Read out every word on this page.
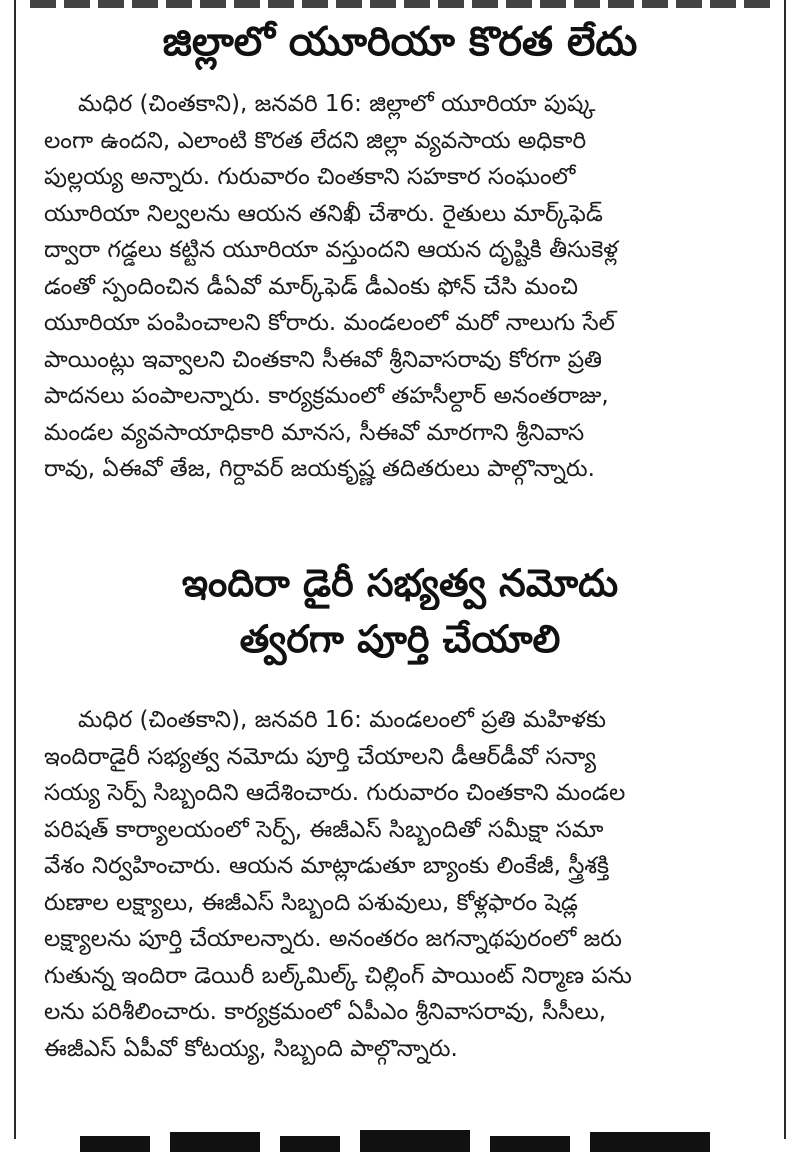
జిల్లాలో యూరియా కొరత లేదు
మధిర (చింతకాని), జనవరి 16: జిల్లాలో యూరియా పుష్క
లంగా ఉందని, ఎలాంటి కొరత లేదని జిల్లా వ్యవసాయ అధికారి
పుల్లయ్య అన్నారు. గురువారం చింతకాని సహకార సంఘంలో
యూరియా నిల్వలను ఆయన తనిఖీ చేశారు. రైతులు మార్క్‌ఫెడ్
ద్వారా గడ్డలు కట్టిన యూరియా వస్తుందని ఆయన దృష్టికి తీసుకెళ్ల
డంతో స్పందించిన డీఏవో మార్క్‌ఫెడ్ డీఎంకు ఫోన్ చేసి మంచి
యూరియా పంపించాలని కోరారు. మండలంలో మరో నాలుగు సేల్
పాయింట్లు ఇవ్వాలని చింతకాని సీఈవో శ్రీనివాసరావు కోరగా ప్రతి
పాదనలు పంపాలన్నారు. కార్యక్రమంలో తహసీల్దార్ అనంతరాజు,
మండల వ్యవసాయాధికారి మానస, సీఈవో మారగాని శ్రీనివాస
రావు, ఏఈవో తేజ, గిర్దావర్ జయకృష్ణ తదితరులు పాల్గొన్నారు.
ఇందిరా డైరీ సభ్యత్వ నమోదు
త్వరగా పూర్తి చేయాలి
మధిర (చింతకాని), జనవరి 16: మండలంలో ప్రతి మహిళకు
ఇందిరాడైరీ సభ్యత్వ నమోదు పూర్తి చేయాలని డీఆర్‌డీవో సన్యా
సయ్య సెర్ప్ సిబ్బందిని ఆదేశించారు. గురువారం చింతకాని మండల
పరిషత్ కార్యాలయంలో సెర్ప్, ఈజీఎస్ సిబ్బందితో సమీక్షా సమా
వేశం నిర్వహించారు. ఆయన మాట్లాడుతూ బ్యాంకు లింకేజీ, స్త్రీశక్తి
రుణాల లక్ష్యాలు, ఈజీఎస్ సిబ్బంది పశువులు, కోళ్లఫారం షెడ్ల
లక్ష్యాలను పూర్తి చేయాలన్నారు. అనంతరం జగన్నాథపురంలో జరు
గుతున్న ఇందిరా డెయిరీ బల్క్‌మిల్క్ చిల్లింగ్ పాయింట్ నిర్మాణ పను
లను పరిశీలించారు. కార్యక్రమంలో ఏపీఎం శ్రీనివాసరావు, సీసీలు,
ఈజీఎస్ ఏపీవో కోటయ్య, సిబ్బంది పాల్గొన్నారు.
